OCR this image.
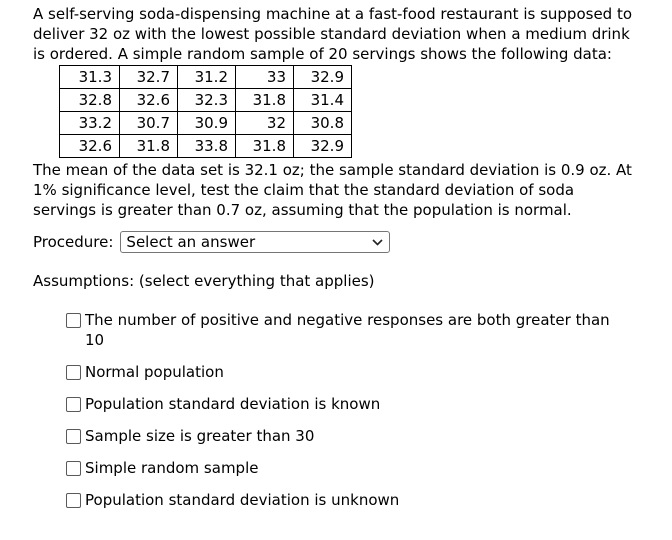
A self-serving soda-dispensing machine at a fast-food restaurant is supposed to deliver 32 oz with the lowest possible standard deviation when a medium drink is ordered. A simple random sample of 20 servings shows the following data:

31.3	32.7	31.2	33	32.9
32.8	32.6	32.3	31.8	31.4
33.2	30.7	30.9	32	30.8
32.6	31.8	33.8	31.8	32.9

The mean of the data set is 32.1 oz; the sample standard deviation is 0.9 oz. At 1% significance level, test the claim that the standard deviation of soda servings is greater than 0.7 oz, assuming that the population is normal.

Procedure: Select an answer
Assumptions: (select everything that applies)
The number of positive and negative responses are both greater than 10
Normal population
Population standard deviation is known
Sample size is greater than 30
Simple random sample
Population standard deviation is unknown
